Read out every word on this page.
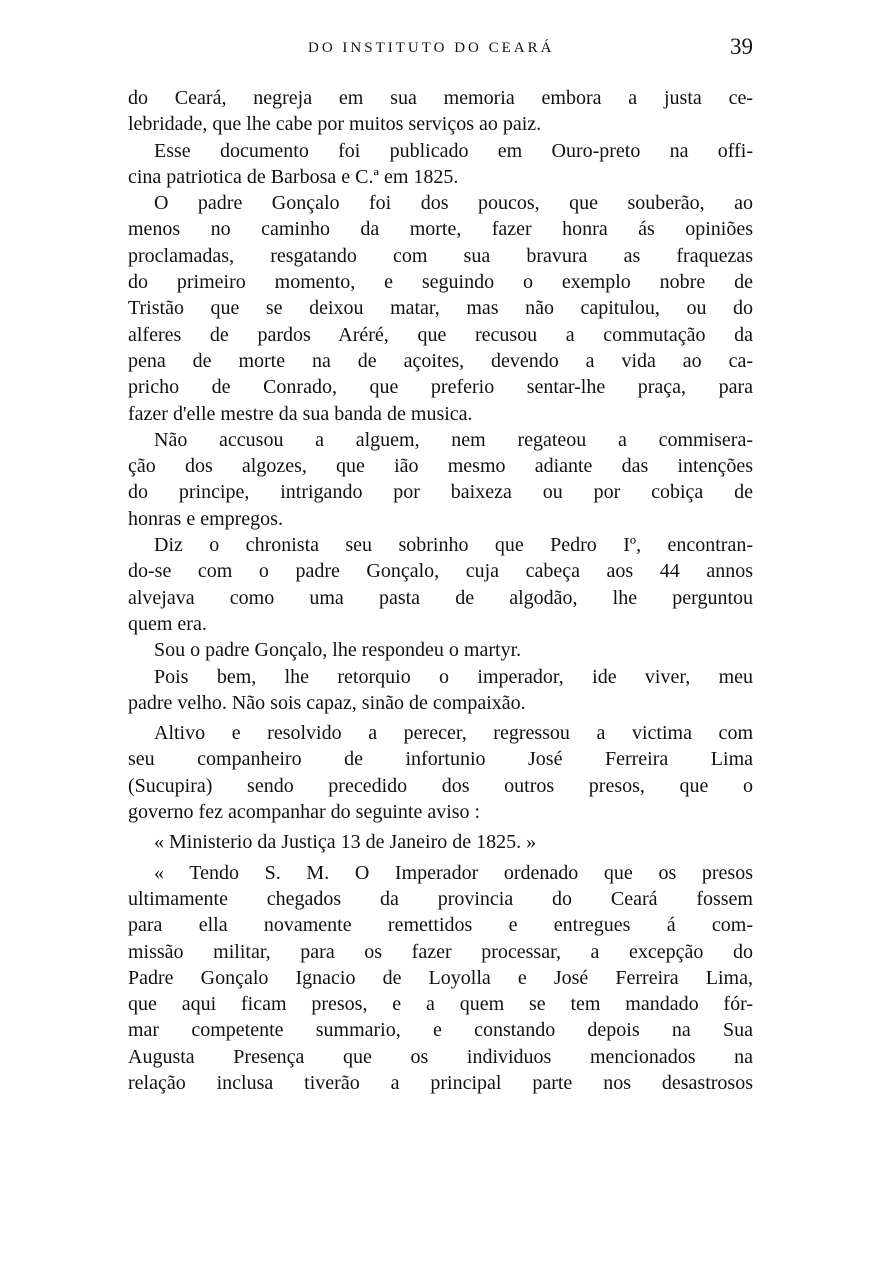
DO INSTITUTO DO CEARÁ	39
do Ceará, negreja em sua memoria embora a justa ce-
lebridade, que lhe cabe por muitos serviços ao paiz.
Esse documento foi publicado em Ouro-preto na offi-
cina patriotica de Barbosa e C.ª em 1825.
O padre Gonçalo foi dos poucos, que souberão, ao
menos no caminho da morte, fazer honra ás opiniões
proclamadas, resgatando com sua bravura as fraquezas
do primeiro momento, e seguindo o exemplo nobre de
Tristão que se deixou matar, mas não capitulou, ou do
alferes de pardos Aréré, que recusou a commutação da
pena de morte na de açoites, devendo a vida ao ca-
pricho de Conrado, que preferio sentar-lhe praça, para
fazer d'elle mestre da sua banda de musica.
Não accusou a alguem, nem regateou a commisera-
ção dos algozes, que ião mesmo adiante das intenções
do principe, intrigando por baixeza ou por cobiça de
honras e empregos.
Diz o chronista seu sobrinho que Pedro Iº, encontran-
do-se com o padre Gonçalo, cuja cabeça aos 44 annos
alvejava como uma pasta de algodão, lhe perguntou
quem era.
Sou o padre Gonçalo, lhe respondeu o martyr.
Pois bem, lhe retorquio o imperador, ide viver, meu
padre velho. Não sois capaz, sinão de compaixão.
Altivo e resolvido a perecer, regressou a victima com
seu companheiro de infortunio José Ferreira Lima
(Sucupira) sendo precedido dos outros presos, que o
governo fez acompanhar do seguinte aviso :
« Ministerio da Justiça 13 de Janeiro de 1825. »
« Tendo S. M. O Imperador ordenado que os presos
ultimamente chegados da provincia do Ceará fossem
para ella novamente remettidos e entregues á com-
missão militar, para os fazer processar, a excepção do
Padre Gonçalo Ignacio de Loyolla e José Ferreira Lima,
que aqui ficam presos, e a quem se tem mandado fór-
mar competente summario, e constando depois na Sua
Augusta Presença que os individuos mencionados na
relação inclusa tiverão a principal parte nos desastrosos
